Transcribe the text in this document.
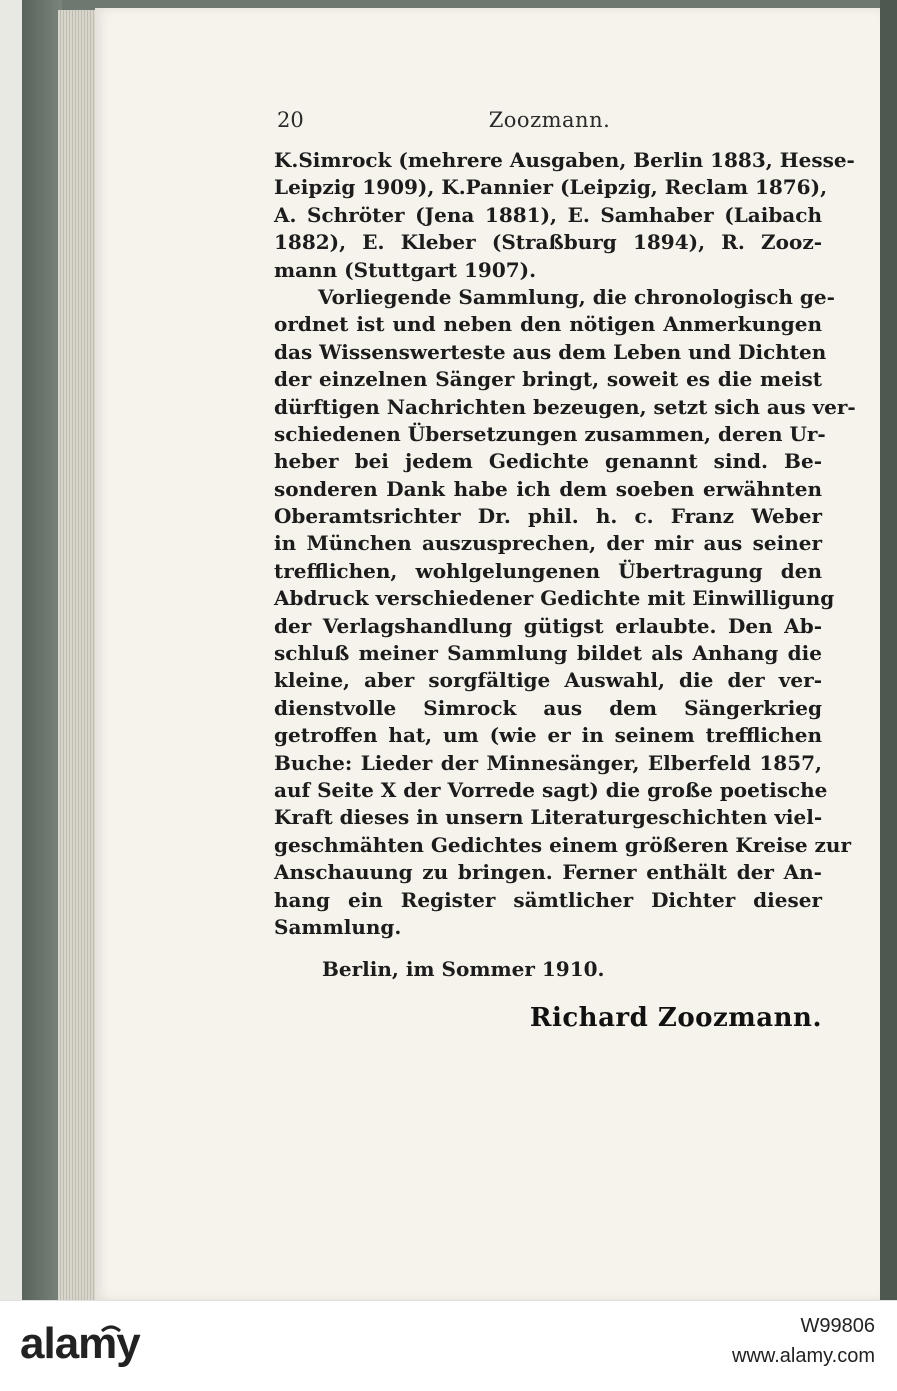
20	Zoozmann.
K.Simrock (mehrere Ausgaben, Berlin 1883, Hesse-
Leipzig 1909), K.Pannier (Leipzig, Reclam 1876),
A. Schröter (Jena 1881), E. Samhaber (Laibach
1882), E. Kleber (Straßburg 1894), R. Zooz-
mann (Stuttgart 1907).
Vorliegende Sammlung, die chronologisch ge-
ordnet ist und neben den nötigen Anmerkungen
das Wissenswerteste aus dem Leben und Dichten
der einzelnen Sänger bringt, soweit es die meist
dürftigen Nachrichten bezeugen, setzt sich aus ver-
schiedenen Übersetzungen zusammen, deren Ur-
heber bei jedem Gedichte genannt sind. Be-
sonderen Dank habe ich dem soeben erwähnten
Oberamtsrichter Dr. phil. h. c. Franz Weber
in München auszusprechen, der mir aus seiner
trefflichen, wohlgelungenen Übertragung den
Abdruck verschiedener Gedichte mit Einwilligung
der Verlagshandlung gütigst erlaubte. Den Ab-
schluß meiner Sammlung bildet als Anhang die
kleine, aber sorgfältige Auswahl, die der ver-
dienstvolle Simrock aus dem Sängerkrieg
getroffen hat, um (wie er in seinem trefflichen
Buche: Lieder der Minnesänger, Elberfeld 1857,
auf Seite X der Vorrede sagt) die große poetische
Kraft dieses in unsern Literaturgeschichten viel-
geschmähten Gedichtes einem größeren Kreise zur
Anschauung zu bringen. Ferner enthält der An-
hang ein Register sämtlicher Dichter dieser
Sammlung.
Berlin, im Sommer 1910.
Richard Zoozmann.
alamy	W99806
www.alamy.com
